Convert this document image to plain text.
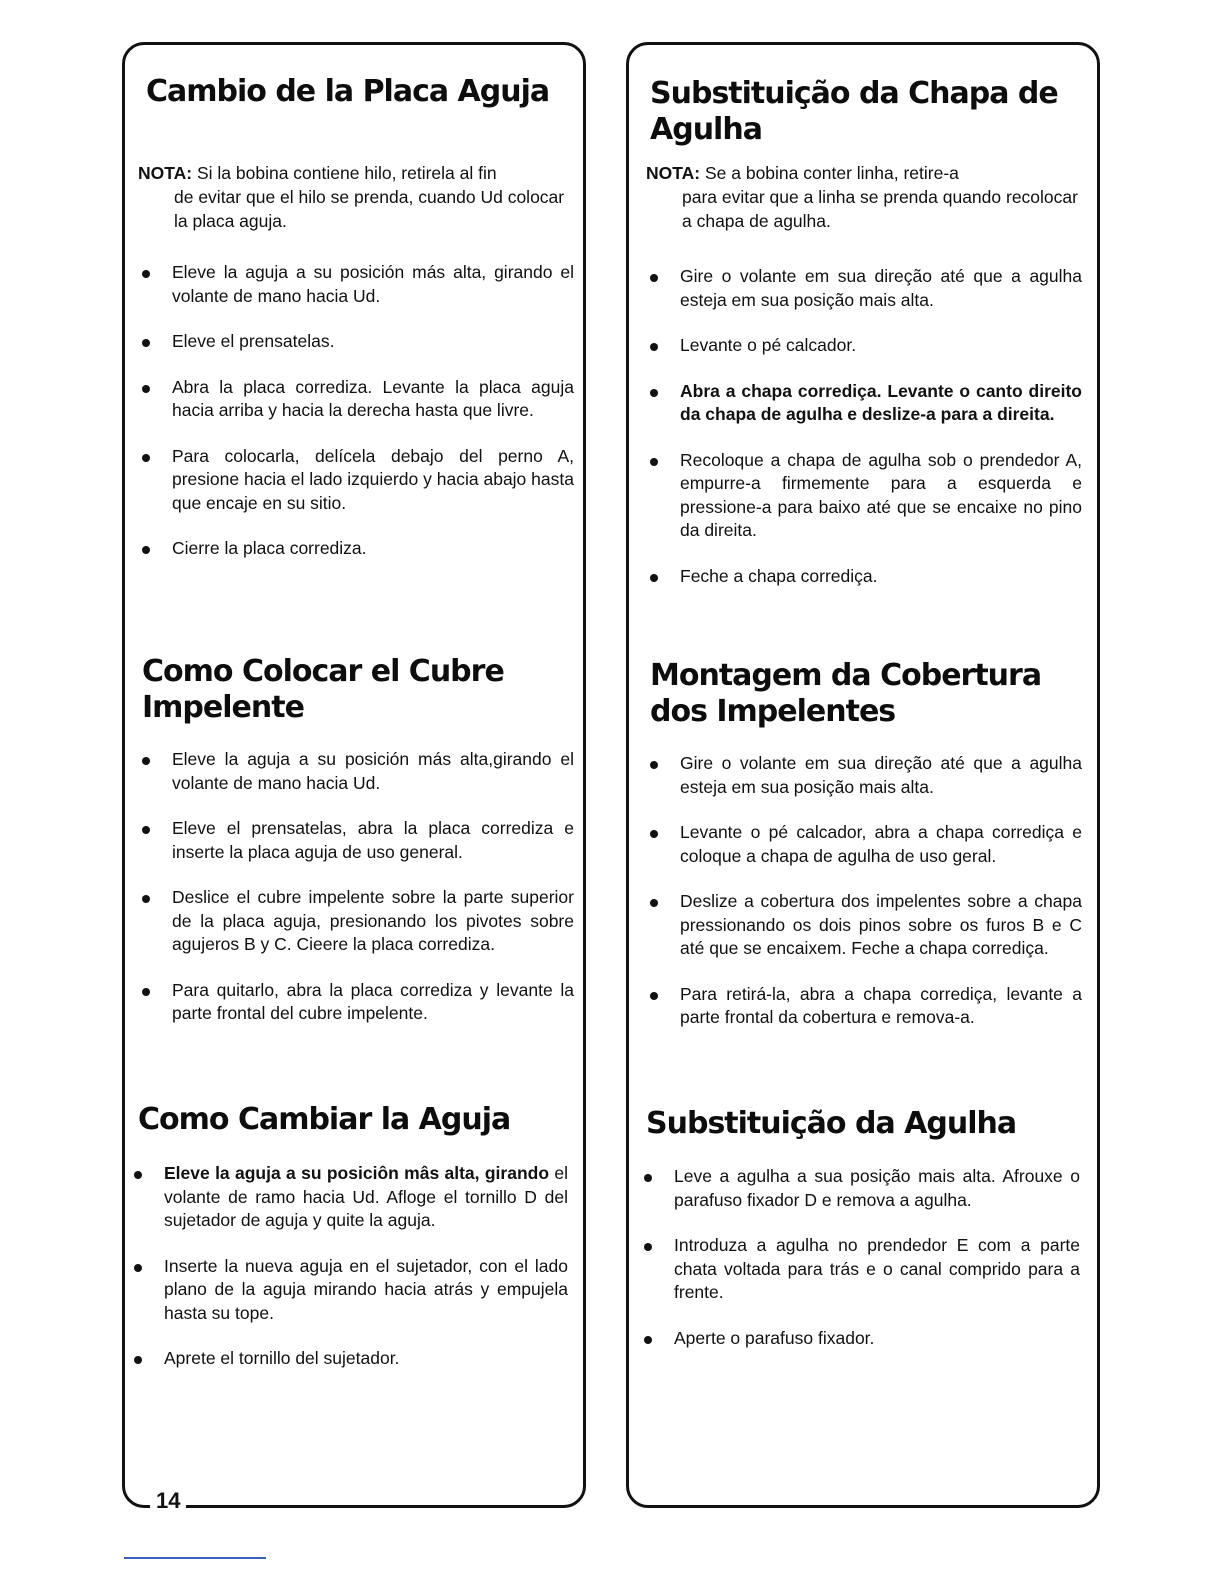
Cambio de la Placa Aguja
NOTA: Si la bobina contiene hilo, retirela al fin
de evitar que el hilo se prenda, cuando Ud colocar la placa aguja.
Eleve la aguja a su posición más alta, girando el volante de mano hacia Ud.
Eleve el prensatelas.
Abra la placa corrediza. Levante la placa aguja hacia arriba y hacia la derecha hasta que livre.
Para colocarla, delícela debajo del perno A, presione hacia el lado izquierdo y hacia abajo hasta que encaje en su sitio.
Cierre la placa corrediza.
Como Colocar el Cubre Impelente
Eleve la aguja a su posición más alta,girando el volante de mano hacia Ud.
Eleve el prensatelas, abra la placa corrediza e inserte la placa aguja de uso general.
Deslice el cubre impelente sobre la parte superior de la placa aguja, presionando los pivotes sobre agujeros B y C. Cieere la placa corrediza.
Para quitarlo, abra la placa corrediza y levante la parte frontal del cubre impelente.
Como Cambiar la Aguja
Eleve la aguja a su posiciôn mâs alta, girando el volante de ramo hacia Ud. Afloge el tornillo D del sujetador de aguja y quite la aguja.
Inserte la nueva aguja en el sujetador, con el lado plano de la aguja mirando hacia atrás y empujela hasta su tope.
Aprete el tornillo del sujetador.
Substituição da Chapa de Agulha
NOTA: Se a bobina conter linha, retire-a
para evitar que a linha se prenda quando recolocar a chapa de agulha.
Gire o volante em sua direção até que a agulha esteja em sua posição mais alta.
Levante o pé calcador.
Abra a chapa corrediça. Levante o canto direito da chapa de agulha e deslize-a para a direita.
Recoloque a chapa de agulha sob o prendedor A, empurre-a firmemente para a esquerda e pressione-a para baixo até que se encaixe no pino da direita.
Feche a chapa corrediça.
Montagem da Cobertura dos Impelentes
Gire o volante em sua direção até que a agulha esteja em sua posição mais alta.
Levante o pé calcador, abra a chapa corrediça e coloque a chapa de agulha de uso geral.
Deslize a cobertura dos impelentes sobre a chapa pressionando os dois pinos sobre os furos B e C até que se encaixem. Feche a chapa corrediça.
Para retirá-la, abra a chapa corrediça, levante a parte frontal da cobertura e remova-a.
Substituição da Agulha
Leve a agulha a sua posição mais alta. Afrouxe o parafuso fixador D e remova a agulha.
Introduza a agulha no prendedor E com a parte chata voltada para trás e o canal comprido para a frente.
Aperte o parafuso fixador.
14
